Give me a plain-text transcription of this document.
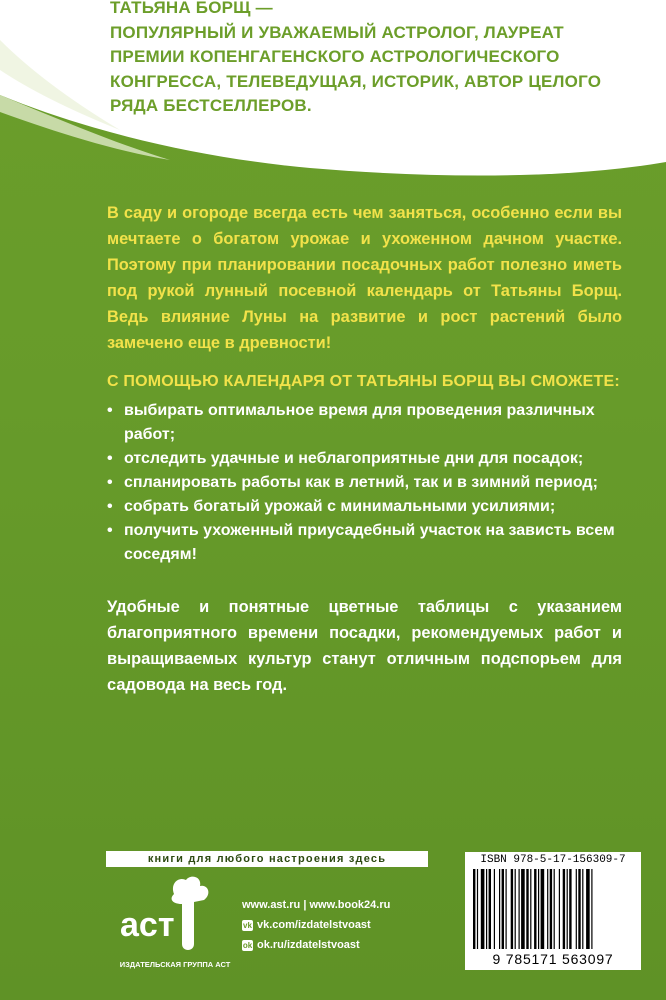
ТАТЬЯНА БОРЩ —
ПОПУЛЯРНЫЙ И УВАЖАЕМЫЙ АСТРОЛОГ, ЛАУРЕАТ ПРЕМИИ КОПЕНГАГЕНСКОГО АСТРОЛОГИЧЕСКОГО КОНГРЕССА, ТЕЛЕВЕДУЩАЯ, ИСТОРИК, АВТОР ЦЕЛОГО РЯДА БЕСТСЕЛЛЕРОВ.

В саду и огороде всегда есть чем заняться, особенно если вы мечтаете о богатом урожае и ухоженном дачном участке. Поэтому при планировании посадочных работ полезно иметь под рукой лунный посевной календарь от Татьяны Борщ. Ведь влияние Луны на развитие и рост растений было замечено еще в древности!

С ПОМОЩЬЮ КАЛЕНДАРЯ ОТ ТАТЬЯНЫ БОРЩ ВЫ СМОЖЕТЕ:
• выбирать оптимальное время для проведения различных работ;
• отследить удачные и неблагоприятные дни для посадок;
• спланировать работы как в летний, так и в зимний период;
• собрать богатый урожай с минимальными усилиями;
• получить ухоженный приусадебный участок на зависть всем соседям!

Удобные и понятные цветные таблицы с указанием благоприятного времени посадки, рекомендуемых работ и выращиваемых культур станут отличным подспорьем для садовода на весь год.

книги для любого настроения здесь
аст
ИЗДАТЕЛЬСКАЯ ГРУППА АСТ
www.ast.ru | www.book24.ru
vk vk.com/izdatelstvoast
ok ok.ru/izdatelstvoast
ISBN 978-5-17-156309-7
9 785171 563097
